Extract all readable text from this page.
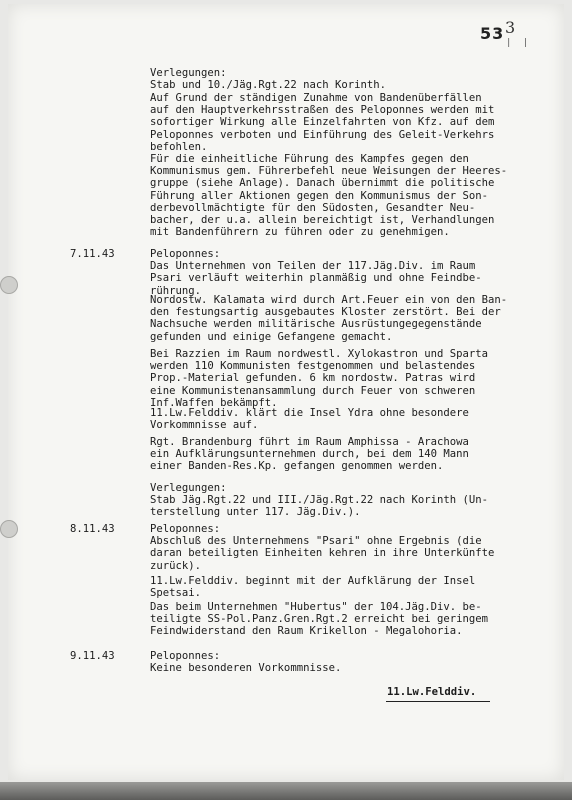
53 3
| |
Verlegungen:
Stab und 10./Jäg.Rgt.22 nach Korinth.
Auf Grund der ständigen Zunahme von Bandenüberfällen
auf den Hauptverkehrsstraßen des Peloponnes werden mit
sofortiger Wirkung alle Einzelfahrten von Kfz. auf dem
Peloponnes verboten und Einführung des Geleit-Verkehrs
befohlen.
Für die einheitliche Führung des Kampfes gegen den
Kommunismus gem. Führerbefehl neue Weisungen der Heeres-
gruppe (siehe Anlage). Danach übernimmt die politische
Führung aller Aktionen gegen den Kommunismus der Son-
derbevollmächtigte für den Südosten, Gesandter Neu-
bacher, der u.a. allein bereichtigt ist, Verhandlungen
mit Bandenführern zu führen oder zu genehmigen.
7.11.43	Peloponnes:
Das Unternehmen von Teilen der 117.Jäg.Div. im Raum
Psari verläuft weiterhin planmäßig und ohne Feindbe-
rührung.
Nordostw. Kalamata wird durch Art.Feuer ein von den Ban-
den festungsartig ausgebautes Kloster zerstört. Bei der
Nachsuche werden militärische Ausrüstungegegenstände
gefunden und einige Gefangene gemacht.
Bei Razzien im Raum nordwestl. Xylokastron und Sparta
werden 110 Kommunisten festgenommen und belastendes
Prop.-Material gefunden. 6 km nordostw. Patras wird
eine Kommunistenansammlung durch Feuer von schweren
Inf.Waffen bekämpft.
11.Lw.Felddiv. klärt die Insel Ydra ohne besondere
Vorkommnisse auf.
Rgt. Brandenburg führt im Raum Amphissa - Arachowa
ein Aufklärungsunternehmen durch, bei dem 140 Mann
einer Banden-Res.Kp. gefangen genommen werden.
Verlegungen:
Stab Jäg.Rgt.22 und III./Jäg.Rgt.22 nach Korinth (Un-
terstellung unter 117. Jäg.Div.).
8.11.43	Peloponnes:
Abschluß des Unternehmens "Psari" ohne Ergebnis (die
daran beteiligten Einheiten kehren in ihre Unterkünfte
zurück).
11.Lw.Felddiv. beginnt mit der Aufklärung der Insel
Spetsai.
Das beim Unternehmen "Hubertus" der 104.Jäg.Div. be-
teiligte SS-Pol.Panz.Gren.Rgt.2 erreicht bei geringem
Feindwiderstand den Raum Krikellon - Megalohoria.
9.11.43	Peloponnes:
Keine besonderen Vorkommnisse.
11.Lw.Felddiv.
